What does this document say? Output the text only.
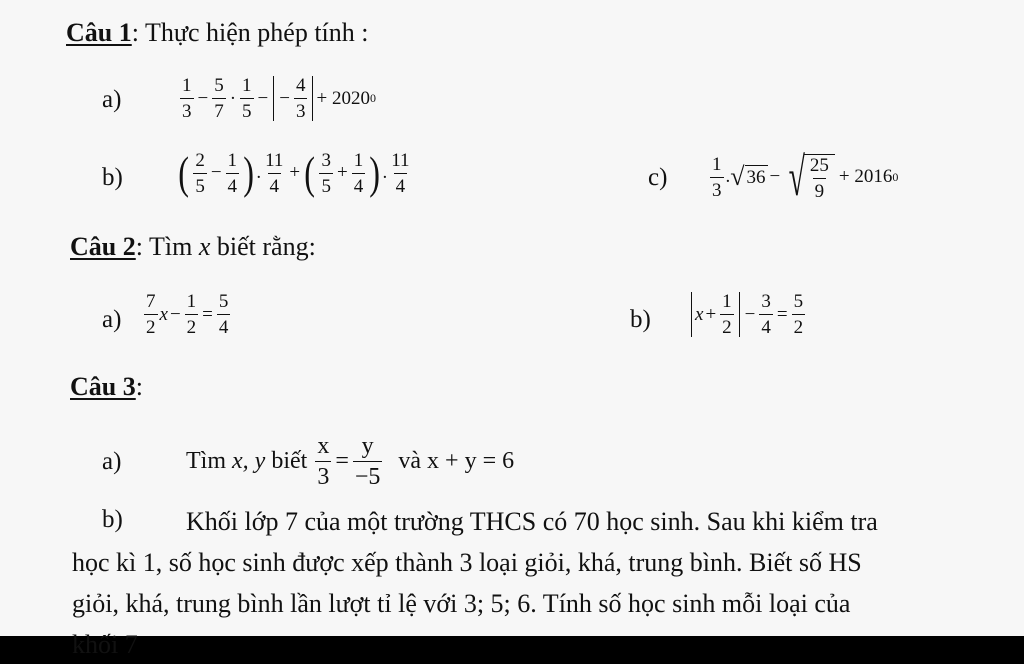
Câu 1: Thực hiện phép tính :
a)	$\frac{1}{3} - \frac{5}{7} \cdot \frac{1}{5}$ − − $\frac{4}{3} + 2020$ 0
b) ( $\frac{2}{5} - \frac{1}{4}$ ) . $\frac{11}{4}$ + ( $\frac{3}{5} + \frac{1}{4}$ ) . $\frac{11}{4}$	$c) \frac{1}{3}$ . √ 36 − √ $\frac{25}{9} + 2016$ 0
Câu 2: Tìm x biết rằng:
$a) \frac{7}{2}$ $x - \frac{1}{2} = \frac{5}{4}$	b) $x + \frac{1}{2} - \frac{3}{4} = \frac{5}{2}$
Câu 3:
a)	Tìm x, y biết $\frac{x}{3} = \frac{y}{-5}$ và x + y = 6
b) Khối lớp 7 của một trường THCS có 70 học sinh. Sau khi kiểm tra
học kì 1, số học sinh được xếp thành 3 loại giỏi, khá, trung bình. Biết số HS
giỏi, khá, trung bình lần lượt tỉ lệ với 3; 5; 6. Tính số học sinh mỗi loại của
khối 7
